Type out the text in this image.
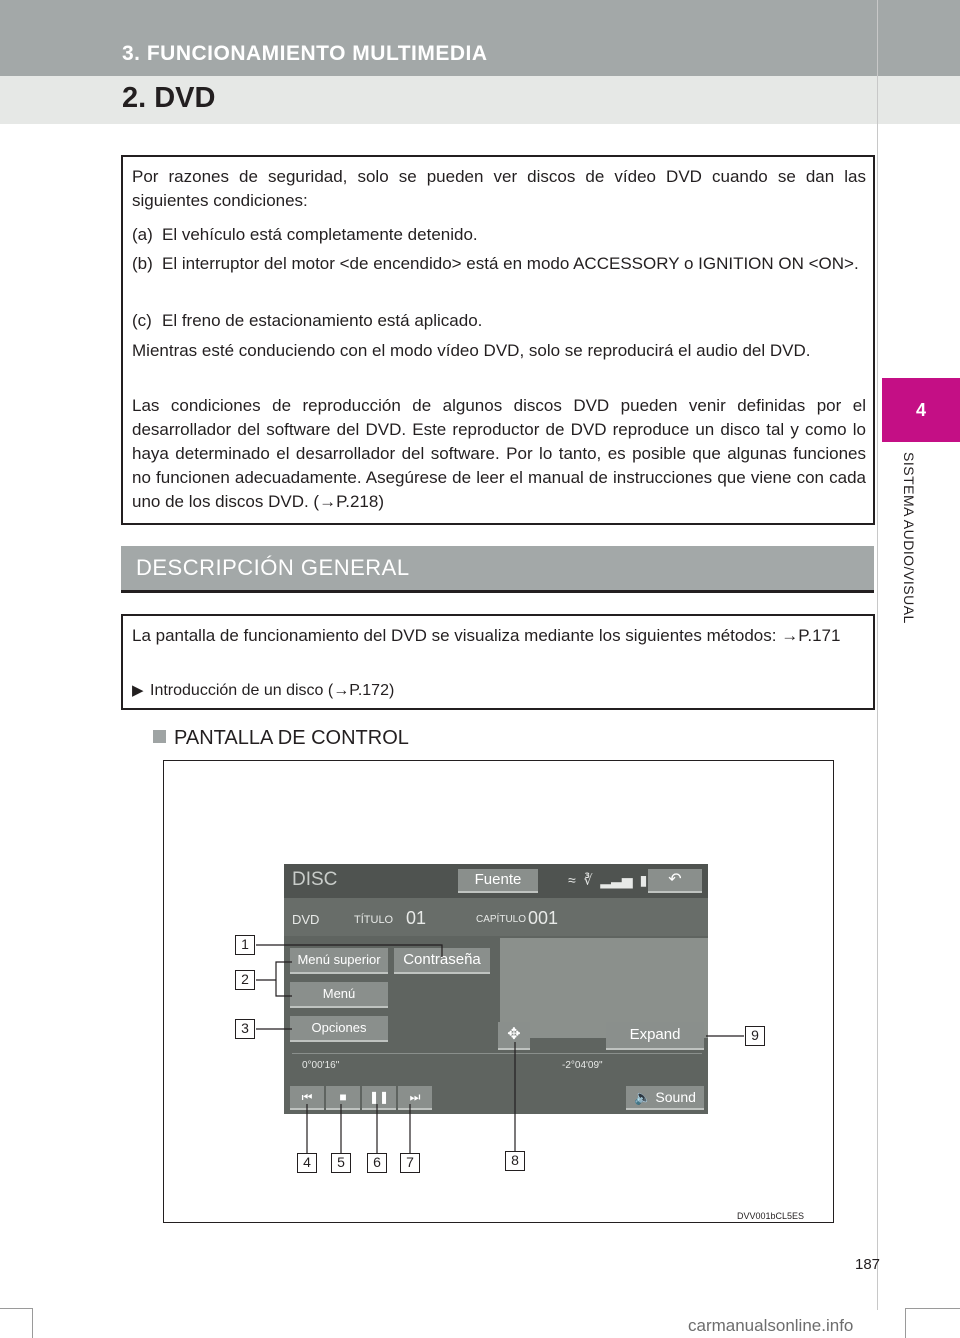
3. FUNCIONAMIENTO MULTIMEDIA
2. DVD
4
SISTEMA AUDIO/VISUAL
Por razones de seguridad, solo se pueden ver discos de vídeo DVD cuando se dan las siguientes condiciones:
(a) El vehículo está completamente detenido.
(b) El interruptor del motor <de encendido> está en modo ACCESSORY o IGNITION ON <ON>.
(c) El freno de estacionamiento está aplicado.
Mientras esté conduciendo con el modo vídeo DVD, solo se reproducirá el audio del DVD.
Las condiciones de reproducción de algunos discos DVD pueden venir definidas por el desarrollador del software del DVD. Este reproductor de DVD reproduce un disco tal y como lo haya determinado el desarrollador del software. Por lo tanto, es posible que algunas funciones no funcionen adecuadamente. Asegúrese de leer el manual de instrucciones que viene con cada uno de los discos DVD. (→P.218)
DESCRIPCIÓN GENERAL
La pantalla de funcionamiento del DVD se visualiza mediante los siguientes métodos: →P.171
▶ Introducción de un disco (→P.172)
PANTALLA DE CONTROL
DISC	Fuente	≈ ∛ ▂▃▅ ▮	↶
DVD	TÍTULO 01	CAPÍTULO 001
Menú superior	Contraseña
Menú
Opciones	✥	Expand
0°00'16"	-2°04'09"
⏮	■	❚❚	⏭	🔈 Sound
1
2
3
4	5	6	7	8
9
DVV001bCL5ES
187
carmanualsonline.info
